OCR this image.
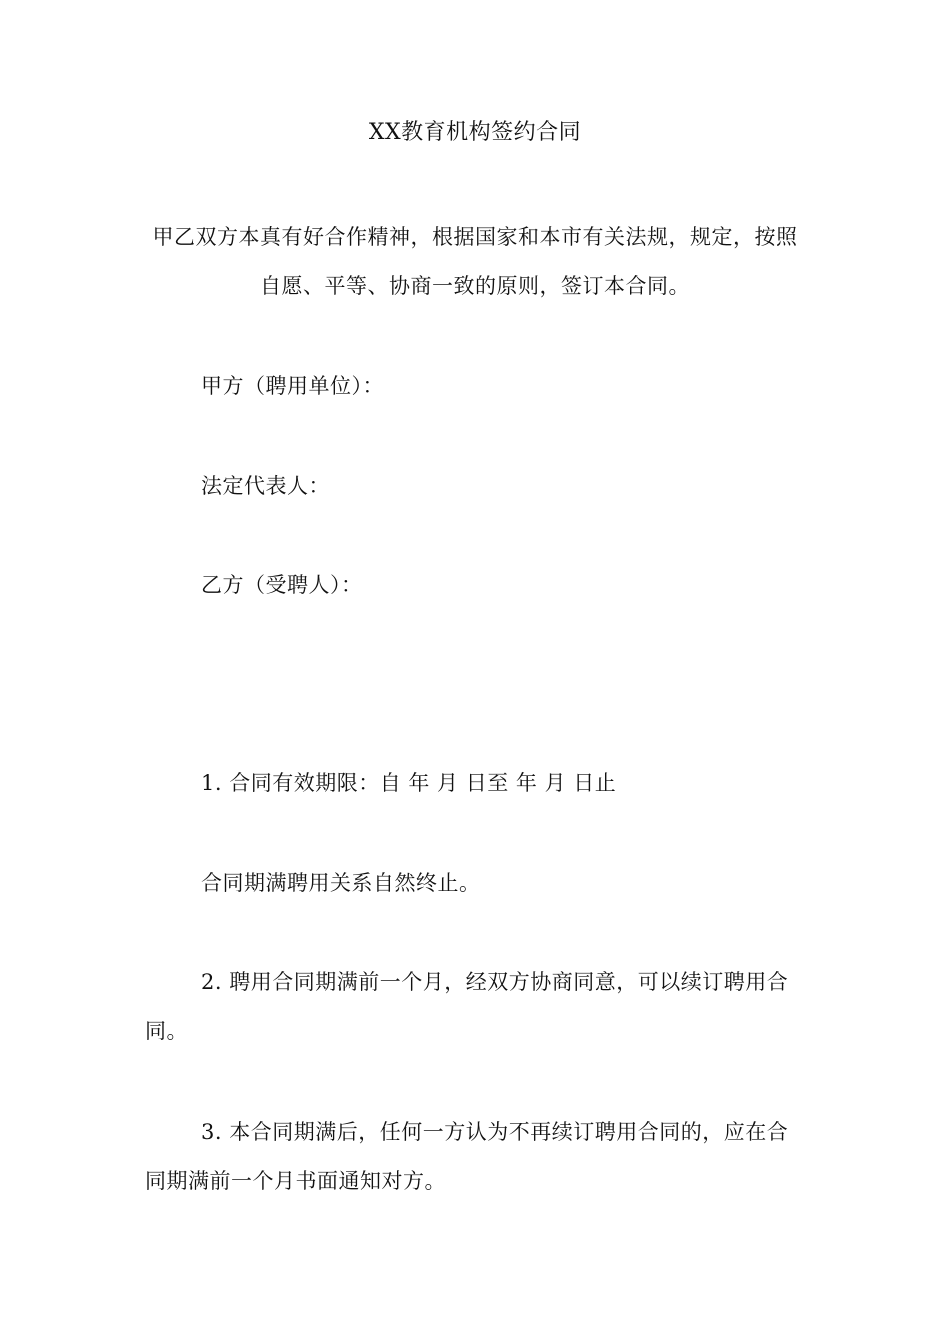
XX教育机构签约合同
甲乙双方本真有好合作精神，根据国家和本市有关法规，规定，按照
自愿、平等、协商一致的原则，签订本合同。
甲方（聘用单位）：
法定代表人：
乙方（受聘人）：
1. 合同有效期限：自 年 月 日至 年 月 日止
合同期满聘用关系自然终止。
2. 聘用合同期满前一个月，经双方协商同意，可以续订聘用合
同。
3. 本合同期满后，任何一方认为不再续订聘用合同的，应在合
同期满前一个月书面通知对方。
